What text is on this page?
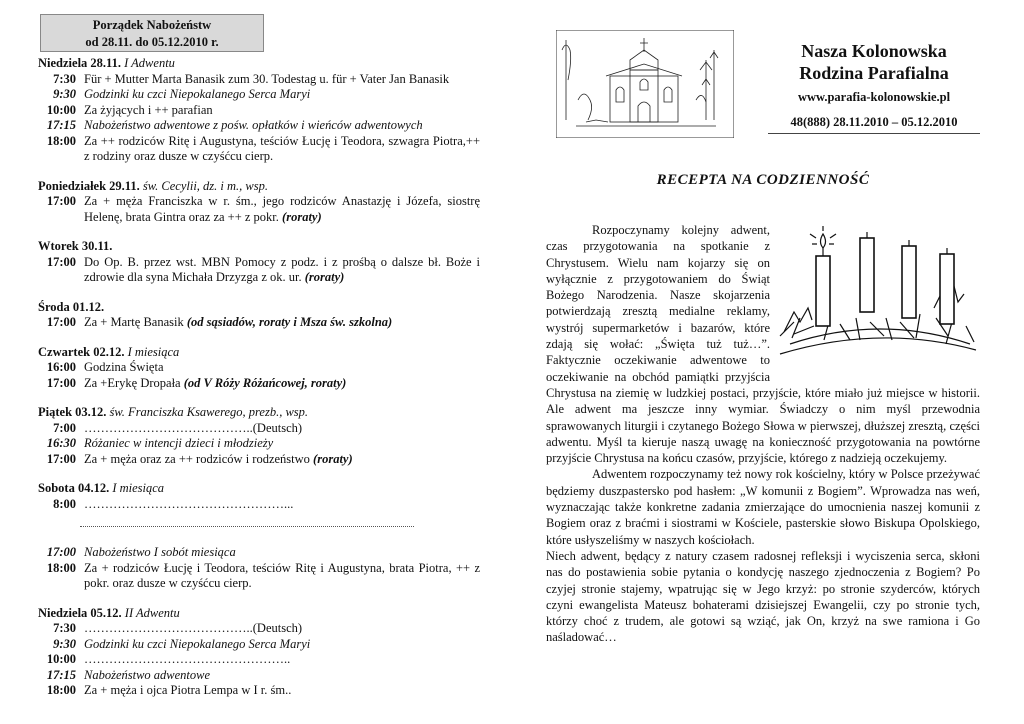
Porządek Nabożeństw
od 28.11. do 05.12.2010 r.
Niedziela 28.11. I Adwentu
7:30 Für + Mutter Marta Banasik zum 30. Todestag u. für + Vater Jan Banasik
9:30 Godzinki ku czci Niepokalanego Serca Maryi
10:00 Za żyjących i ++ parafian
17:15 Nabożeństwo adwentowe z pośw. opłatków i wieńców adwentowych
18:00 Za ++ rodziców Ritę i Augustyna, teściów Łucję i Teodora, szwagra Piotra,++ z rodziny oraz dusze w czyśćcu cierp.
Poniedziałek 29.11. św. Cecylii, dz. i m., wsp.
17:00 Za + męża Franciszka w r. śm., jego rodziców Anastazję i Józefa, siostrę Helenę, brata Gintra oraz za ++ z pokr. (roraty)
Wtorek 30.11.
17:00 Do Op. B. przez wst. MBN Pomocy z podz. i z prośbą o dalsze bł. Boże i zdrowie dla syna Michała Drzyzga z ok. ur. (roraty)
Środa 01.12.
17:00 Za + Martę Banasik (od sąsiadów, roraty i Msza św. szkolna)
Czwartek 02.12. I miesiąca
16:00 Godzina Święta
17:00 Za +Erykę Dropała (od V Róży Różańcowej, roraty)
Piątek 03.12. św. Franciszka Ksawerego, prezb., wsp.
7:00 …………………………………..(Deutsch)
16:30 Różaniec w intencji dzieci i młodzieży
17:00 Za + męża oraz za ++ rodziców i rodzeństwo (roraty)
Sobota 04.12. I miesiąca
8:00 …………………………………………...
17:00 Nabożeństwo I sobót miesiąca
18:00 Za + rodziców Łucję i Teodora, teściów Ritę i Augustyna, brata Piotra, ++ z pokr. oraz dusze w czyśćcu cierp.
Niedziela 05.12. II Adwentu
7:30 …………………………………..(Deutsch)
9:30 Godzinki ku czci Niepokalanego Serca Maryi
10:00 …………………………………………..
17:15 Nabożeństwo adwentowe
18:00 Za + męża i ojca Piotra Lempa w I r. śm..
Nasza Kolonowska
Rodzina Parafialna
www.parafia-kolonowskie.pl
48(888) 28.11.2010 – 05.12.2010
RECEPTA NA CODZIENNOŚĆ

Rozpoczynamy kolejny adwent, czas przygotowania na spotkanie z Chrystusem. Wielu nam kojarzy się on wyłącznie z przygotowaniem do Świąt Bożego Narodzenia. Nasze skojarzenia potwierdzają zresztą medialne reklamy, wystrój supermarketów i bazarów, które zdają się wołać: „Święta tuż tuż…”. Faktycznie oczekiwanie adwentowe to oczekiwanie na obchód pamiątki przyjścia Chrystusa na ziemię w ludzkiej postaci, przyjście, które miało już miejsce w historii. Ale adwent ma jeszcze inny wymiar. Świadczy o nim myśl przewodnia sprawowanych liturgii i czytanego Bożego Słowa w pierwszej, dłuższej zresztą, części adwentu. Myśl ta kieruje naszą uwagę na konieczność przygotowania na powtórne przyjście Chrystusa na końcu czasów, przyjście, którego z nadzieją oczekujemy.

Adwentem rozpoczynamy też nowy rok kościelny, który w Polsce przeżywać będziemy duszpastersko pod hasłem: „W komunii z Bogiem”. Wprowadza nas weń, wyznaczając także konkretne zadania zmierzające do umocnienia naszej komunii z Bogiem oraz z braćmi i siostrami w Kościele, pasterskie słowo Biskupa Opolskiego, które usłyszeliśmy w naszych kościołach.

Niech adwent, będący z natury czasem radosnej refleksji i wyciszenia serca, skłoni nas do postawienia sobie pytania o kondycję naszego zjednoczenia z Bogiem? Po czyjej stronie stajemy, wpatrując się w Jego krzyż: po stronie szyderców, których czyni ewangelista Mateusz bohaterami dzisiejszej Ewangelii, czy po stronie tych, którzy choć z trudem, ale gotowi są wziąć, jak On, krzyż na swe ramiona i Go naśladować…
